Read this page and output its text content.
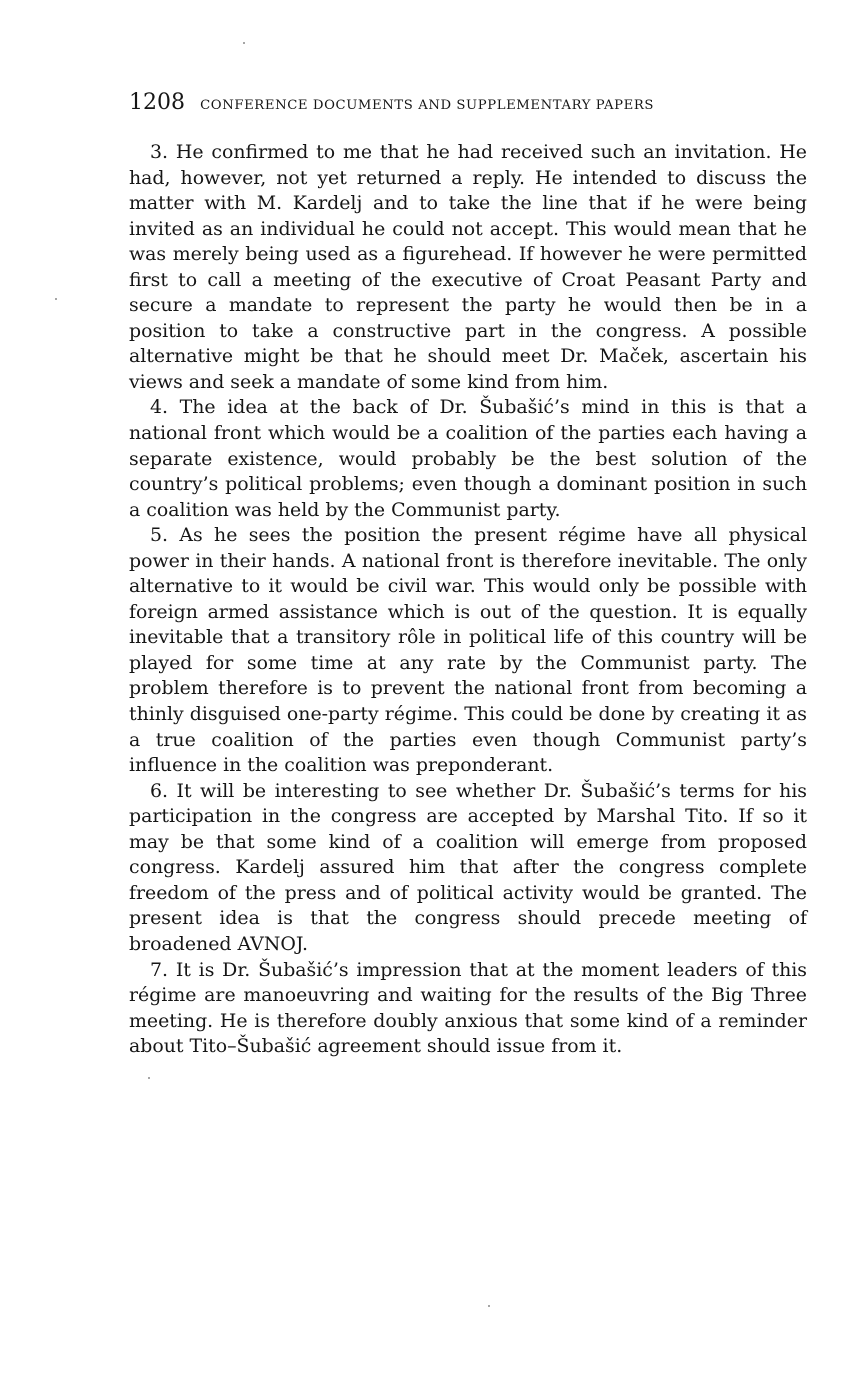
1208 CONFERENCE DOCUMENTS AND SUPPLEMENTARY PAPERS

3. He confirmed to me that he had received such an invitation. He had, however, not yet returned a reply. He intended to discuss the matter with M. Kardelj and to take the line that if he were being invited as an individual he could not accept. This would mean that he was merely being used as a figurehead. If however he were permitted first to call a meeting of the executive of Croat Peasant Party and secure a mandate to represent the party he would then be in a position to take a constructive part in the congress. A possible alternative might be that he should meet Dr. Maček, ascertain his views and seek a mandate of some kind from him.

4. The idea at the back of Dr. Šubašić’s mind in this is that a national front which would be a coalition of the parties each having a separate existence, would probably be the best solution of the country’s political problems; even though a dominant position in such a coalition was held by the Communist party.

5. As he sees the position the present régime have all physical power in their hands. A national front is therefore inevitable. The only alternative to it would be civil war. This would only be possible with foreign armed assistance which is out of the question. It is equally inevitable that a transitory rôle in political life of this country will be played for some time at any rate by the Communist party. The problem therefore is to prevent the national front from becoming a thinly disguised one-party régime. This could be done by creating it as a true coalition of the parties even though Communist party’s influence in the coalition was preponderant.

6. It will be interesting to see whether Dr. Šubašić’s terms for his participation in the congress are accepted by Marshal Tito. If so it may be that some kind of a coalition will emerge from proposed congress. Kardelj assured him that after the congress complete freedom of the press and of political activity would be granted. The present idea is that the congress should precede meeting of broadened AVNOJ.

7. It is Dr. Šubašić’s impression that at the moment leaders of this régime are manoeuvring and waiting for the results of the Big Three meeting. He is therefore doubly anxious that some kind of a reminder about Tito–Šubašić agreement should issue from it.
